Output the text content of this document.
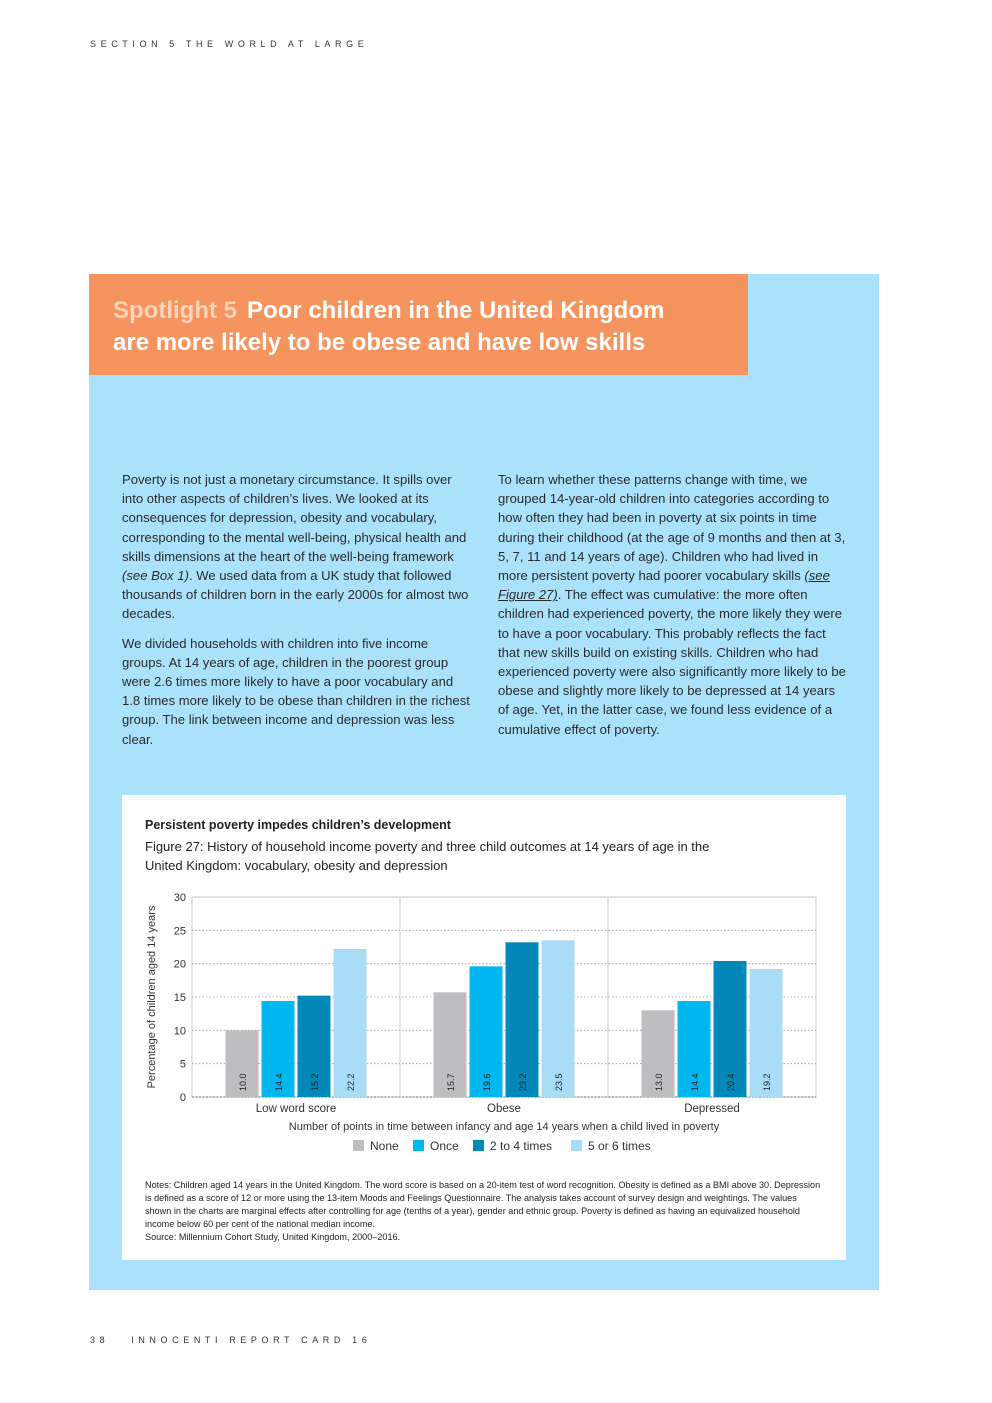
SECTION 5 THE WORLD AT LARGE
Spotlight 5 Poor children in the United Kingdom
are more likely to be obese and have low skills

Poverty is not just a monetary circumstance. It spills over into other aspects of children’s lives. We looked at its consequences for depression, obesity and vocabulary, corresponding to the mental well-being, physical health and skills dimensions at the heart of the well-being framework (see Box 1). We used data from a UK study that followed thousands of children born in the early 2000s for almost two decades.

We divided households with children into five income groups. At 14 years of age, children in the poorest group were 2.6 times more likely to have a poor vocabulary and 1.8 times more likely to be obese than children in the richest group. The link between income and depression was less clear.

To learn whether these patterns change with time, we grouped 14-year-old children into categories according to how often they had been in poverty at six points in time during their childhood (at the age of 9 months and then at 3, 5, 7, 11 and 14 years of age). Children who had lived in more persistent poverty had poorer vocabulary skills (see Figure 27). The effect was cumulative: the more often children had experienced poverty, the more likely they were to have a poor vocabulary. This probably reflects the fact that new skills build on existing skills. Children who had experienced poverty were also significantly more likely to be obese and slightly more likely to be depressed at 14 years of age. Yet, in the latter case, we found less evidence of a cumulative effect of poverty.

Persistent poverty impedes children’s development
Figure 27: History of household income poverty and three child outcomes at 14 years of age in the United Kingdom: vocabulary, obesity and depression
0
5
10
15
20
25
30
Percentage of children aged 14 years	10.0	14.4	15.2	22.2
Low word score
15.7	19.6	23.2	23.5
Obese
13.0	14.4	20.4	19.2
Depressed
Number of points in time between infancy and age 14 years when a child lived in poverty
None	Once	2 to 4 times	5 or 6 times
Notes: Children aged 14 years in the United Kingdom. The word score is based on a 20-item test of word recognition. Obesity is defined as a BMI above 30. Depression is defined as a score of 12 or more using the 13-item Moods and Feelings Questionnaire. The analysis takes account of survey design and weightings. The values shown in the charts are marginal effects after controlling for age (tenths of a year), gender and ethnic group. Poverty is defined as having an equivalized household income below 60 per cent of the national median income.
Source: Millennium Cohort Study, United Kingdom, 2000–2016.
38 INNOCENTI REPORT CARD 16
